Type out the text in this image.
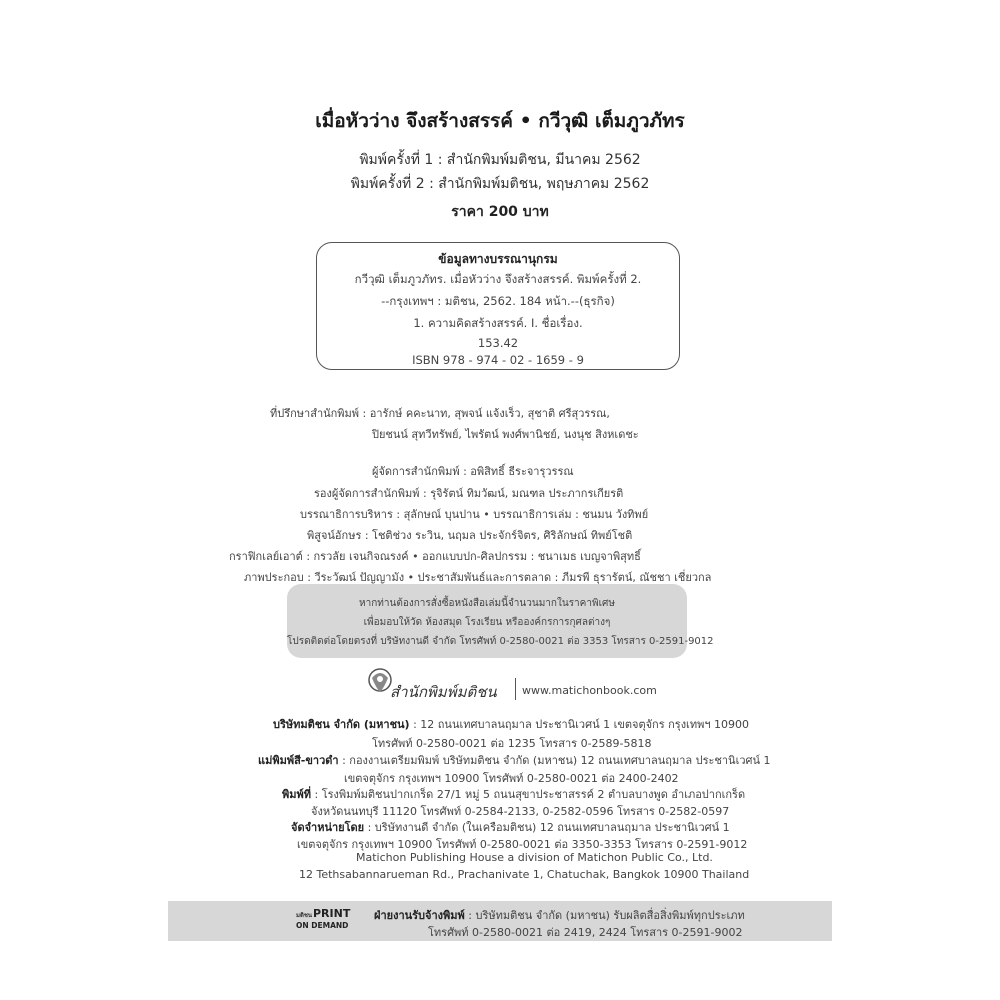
เมื่อหัวว่าง จึงสร้างสรรค์ • กวีวุฒิ เต็มภูวภัทร
พิมพ์ครั้งที่ 1 : สำนักพิมพ์มติชน, มีนาคม 2562
พิมพ์ครั้งที่ 2 : สำนักพิมพ์มติชน, พฤษภาคม 2562
ราคา 200 บาท
ข้อมูลทางบรรณานุกรม
กวีวุฒิ เต็มภูวภัทร. เมื่อหัวว่าง จึงสร้างสรรค์. พิมพ์ครั้งที่ 2.
--กรุงเทพฯ : มติชน, 2562. 184 หน้า.--(ธุรกิจ)
1. ความคิดสร้างสรรค์. I. ชื่อเรื่อง.
153.42
ISBN 978 - 974 - 02 - 1659 - 9
ที่ปรึกษาสำนักพิมพ์ : อารักษ์ คคะนาท, สุพจน์ แจ้งเร็ว, สุชาติ ศรีสุวรรณ,
ปิยชนน์ สุทวีทรัพย์, ไพรัตน์ พงศ์พานิชย์, นงนุช สิงหเดชะ
ผู้จัดการสำนักพิมพ์ : อพิสิทธิ์ ธีระจารุวรรณ
รองผู้จัดการสำนักพิมพ์ : รุจิรัตน์ ทิมวัฒน์, มณฑล ประภากรเกียรติ
บรรณาธิการบริหาร : สุลักษณ์ บุนปาน • บรรณาธิการเล่ม : ชนมน วังทิพย์
พิสูจน์อักษร : โชติช่วง ระวิน, นฤมล ประจักร์จิตร, ศิริลักษณ์ ทิพย์โชติ
กราฟิกเลย์เอาต์ : กรวลัย เจนกิจณรงค์ • ออกแบบปก-ศิลปกรรม : ชนาเมธ เบญจาพิสุทธิ์
ภาพประกอบ : วีระวัฒน์ ปัญญามัง • ประชาสัมพันธ์และการตลาด : ภีมรพี ธุรารัตน์, ณัชชา เชี่ยวกล
หากท่านต้องการสั่งซื้อหนังสือเล่มนี้จำนวนมากในราคาพิเศษ
เพื่อมอบให้วัด ห้องสมุด โรงเรียน หรือองค์กรการกุศลต่างๆ
โปรดติดต่อโดยตรงที่ บริษัทงานดี จำกัด โทรศัพท์ 0-2580-0021 ต่อ 3353 โทรสาร 0-2591-9012
สำนักพิมพ์มติชน www.matichonbook.com
บริษัทมติชน จำกัด (มหาชน) : 12 ถนนเทศบาลนฤมาล ประชานิเวศน์ 1 เขตจตุจักร กรุงเทพฯ 10900
โทรศัพท์ 0-2580-0021 ต่อ 1235 โทรสาร 0-2589-5818
แม่พิมพ์สี-ขาวดำ : กองงานเตรียมพิมพ์ บริษัทมติชน จำกัด (มหาชน) 12 ถนนเทศบาลนฤมาล ประชานิเวศน์ 1
เขตจตุจักร กรุงเทพฯ 10900 โทรศัพท์ 0-2580-0021 ต่อ 2400-2402
พิมพ์ที่ : โรงพิมพ์มติชนปากเกร็ด 27/1 หมู่ 5 ถนนสุขาประชาสรรค์ 2 ตำบลบางพูด อำเภอปากเกร็ด
จังหวัดนนทบุรี 11120 โทรศัพท์ 0-2584-2133, 0-2582-0596 โทรสาร 0-2582-0597
จัดจำหน่ายโดย : บริษัทงานดี จำกัด (ในเครือมติชน) 12 ถนนเทศบาลนฤมาล ประชานิเวศน์ 1
เขตจตุจักร กรุงเทพฯ 10900 โทรศัพท์ 0-2580-0021 ต่อ 3350-3353 โทรสาร 0-2591-9012
Matichon Publishing House a division of Matichon Public Co., Ltd.
12 Tethsabannarueman Rd., Prachanivate 1, Chatuchak, Bangkok 10900 Thailand
มติชน PRINT
ON DEMAND
ฝ่ายงานรับจ้างพิมพ์ : บริษัทมติชน จำกัด (มหาชน) รับผลิตสื่อสิ่งพิมพ์ทุกประเภท
โทรศัพท์ 0-2580-0021 ต่อ 2419, 2424 โทรสาร 0-2591-9002
